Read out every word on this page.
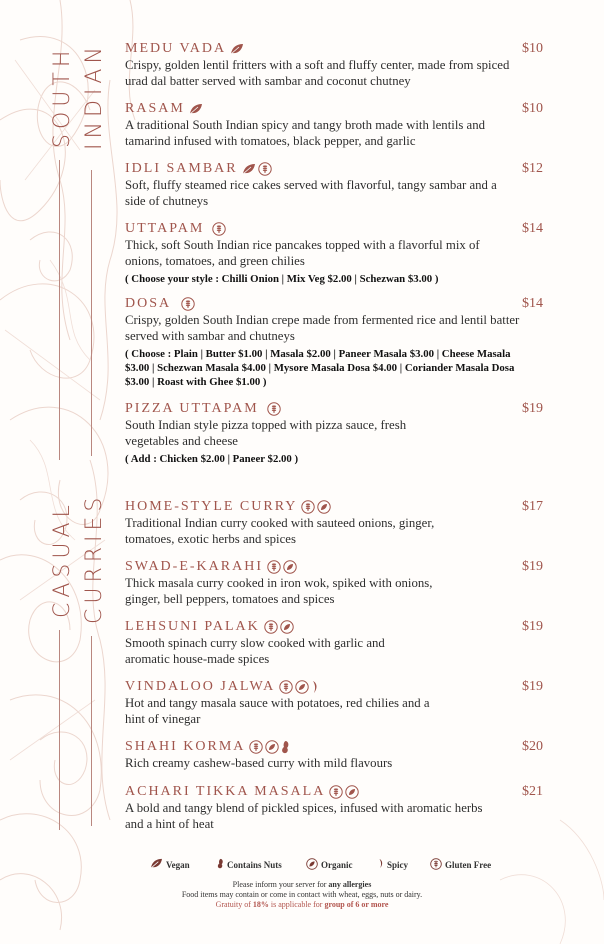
SOUTH INDIAN
CASUAL CURRIES
MEDU VADA
Crispy, golden lentil fritters with a soft and fluffy center, made from spiced urad dal batter served with sambar and coconut chutney
$10
RASAM
A traditional South Indian spicy and tangy broth made with lentils and tamarind infused with tomatoes, black pepper, and garlic
$10
IDLI SAMBAR
Soft, fluffy steamed rice cakes served with flavorful, tangy sambar and a side of chutneys
$12
UTTAPAM
Thick, soft South Indian rice pancakes topped with a flavorful mix of onions, tomatoes, and green chilies
( Choose your style : Chilli Onion | Mix Veg $2.00 | Schezwan $3.00 )
$14
DOSA
Crispy, golden South Indian crepe made from fermented rice and lentil batter served with sambar and chutneys
( Choose : Plain | Butter $1.00 | Masala $2.00 | Paneer Masala $3.00 | Cheese Masala $3.00 | Schezwan Masala $4.00 | Mysore Masala Dosa $4.00 | Coriander Masala Dosa $3.00 | Roast with Ghee $1.00 )
$14
PIZZA UTTAPAM
South Indian style pizza topped with pizza sauce, fresh vegetables and cheese
( Add : Chicken $2.00 | Paneer $2.00 )
$19
HOME-STYLE CURRY
Traditional Indian curry cooked with sauteed onions, ginger, tomatoes, exotic herbs and spices
$17
SWAD-E-KARAHI
Thick masala curry cooked in iron wok, spiked with onions, ginger, bell peppers, tomatoes and spices
$19
LEHSUNI PALAK
Smooth spinach curry slow cooked with garlic and aromatic house-made spices
$19
VINDALOO JALWA
Hot and tangy masala sauce with potatoes, red chilies and a hint of vinegar
$19
SHAHI KORMA
Rich creamy cashew-based curry with mild flavours
$20
ACHARI TIKKA MASALA
A bold and tangy blend of pickled spices, infused with aromatic herbs and a hint of heat
$21
Vegan	Contains Nuts	Organic	Spicy	Gluten Free
Please inform your server for any allergies
Food items may contain or come in contact with wheat, eggs, nuts or dairy.
Gratuity of 18% is applicable for group of 6 or more
